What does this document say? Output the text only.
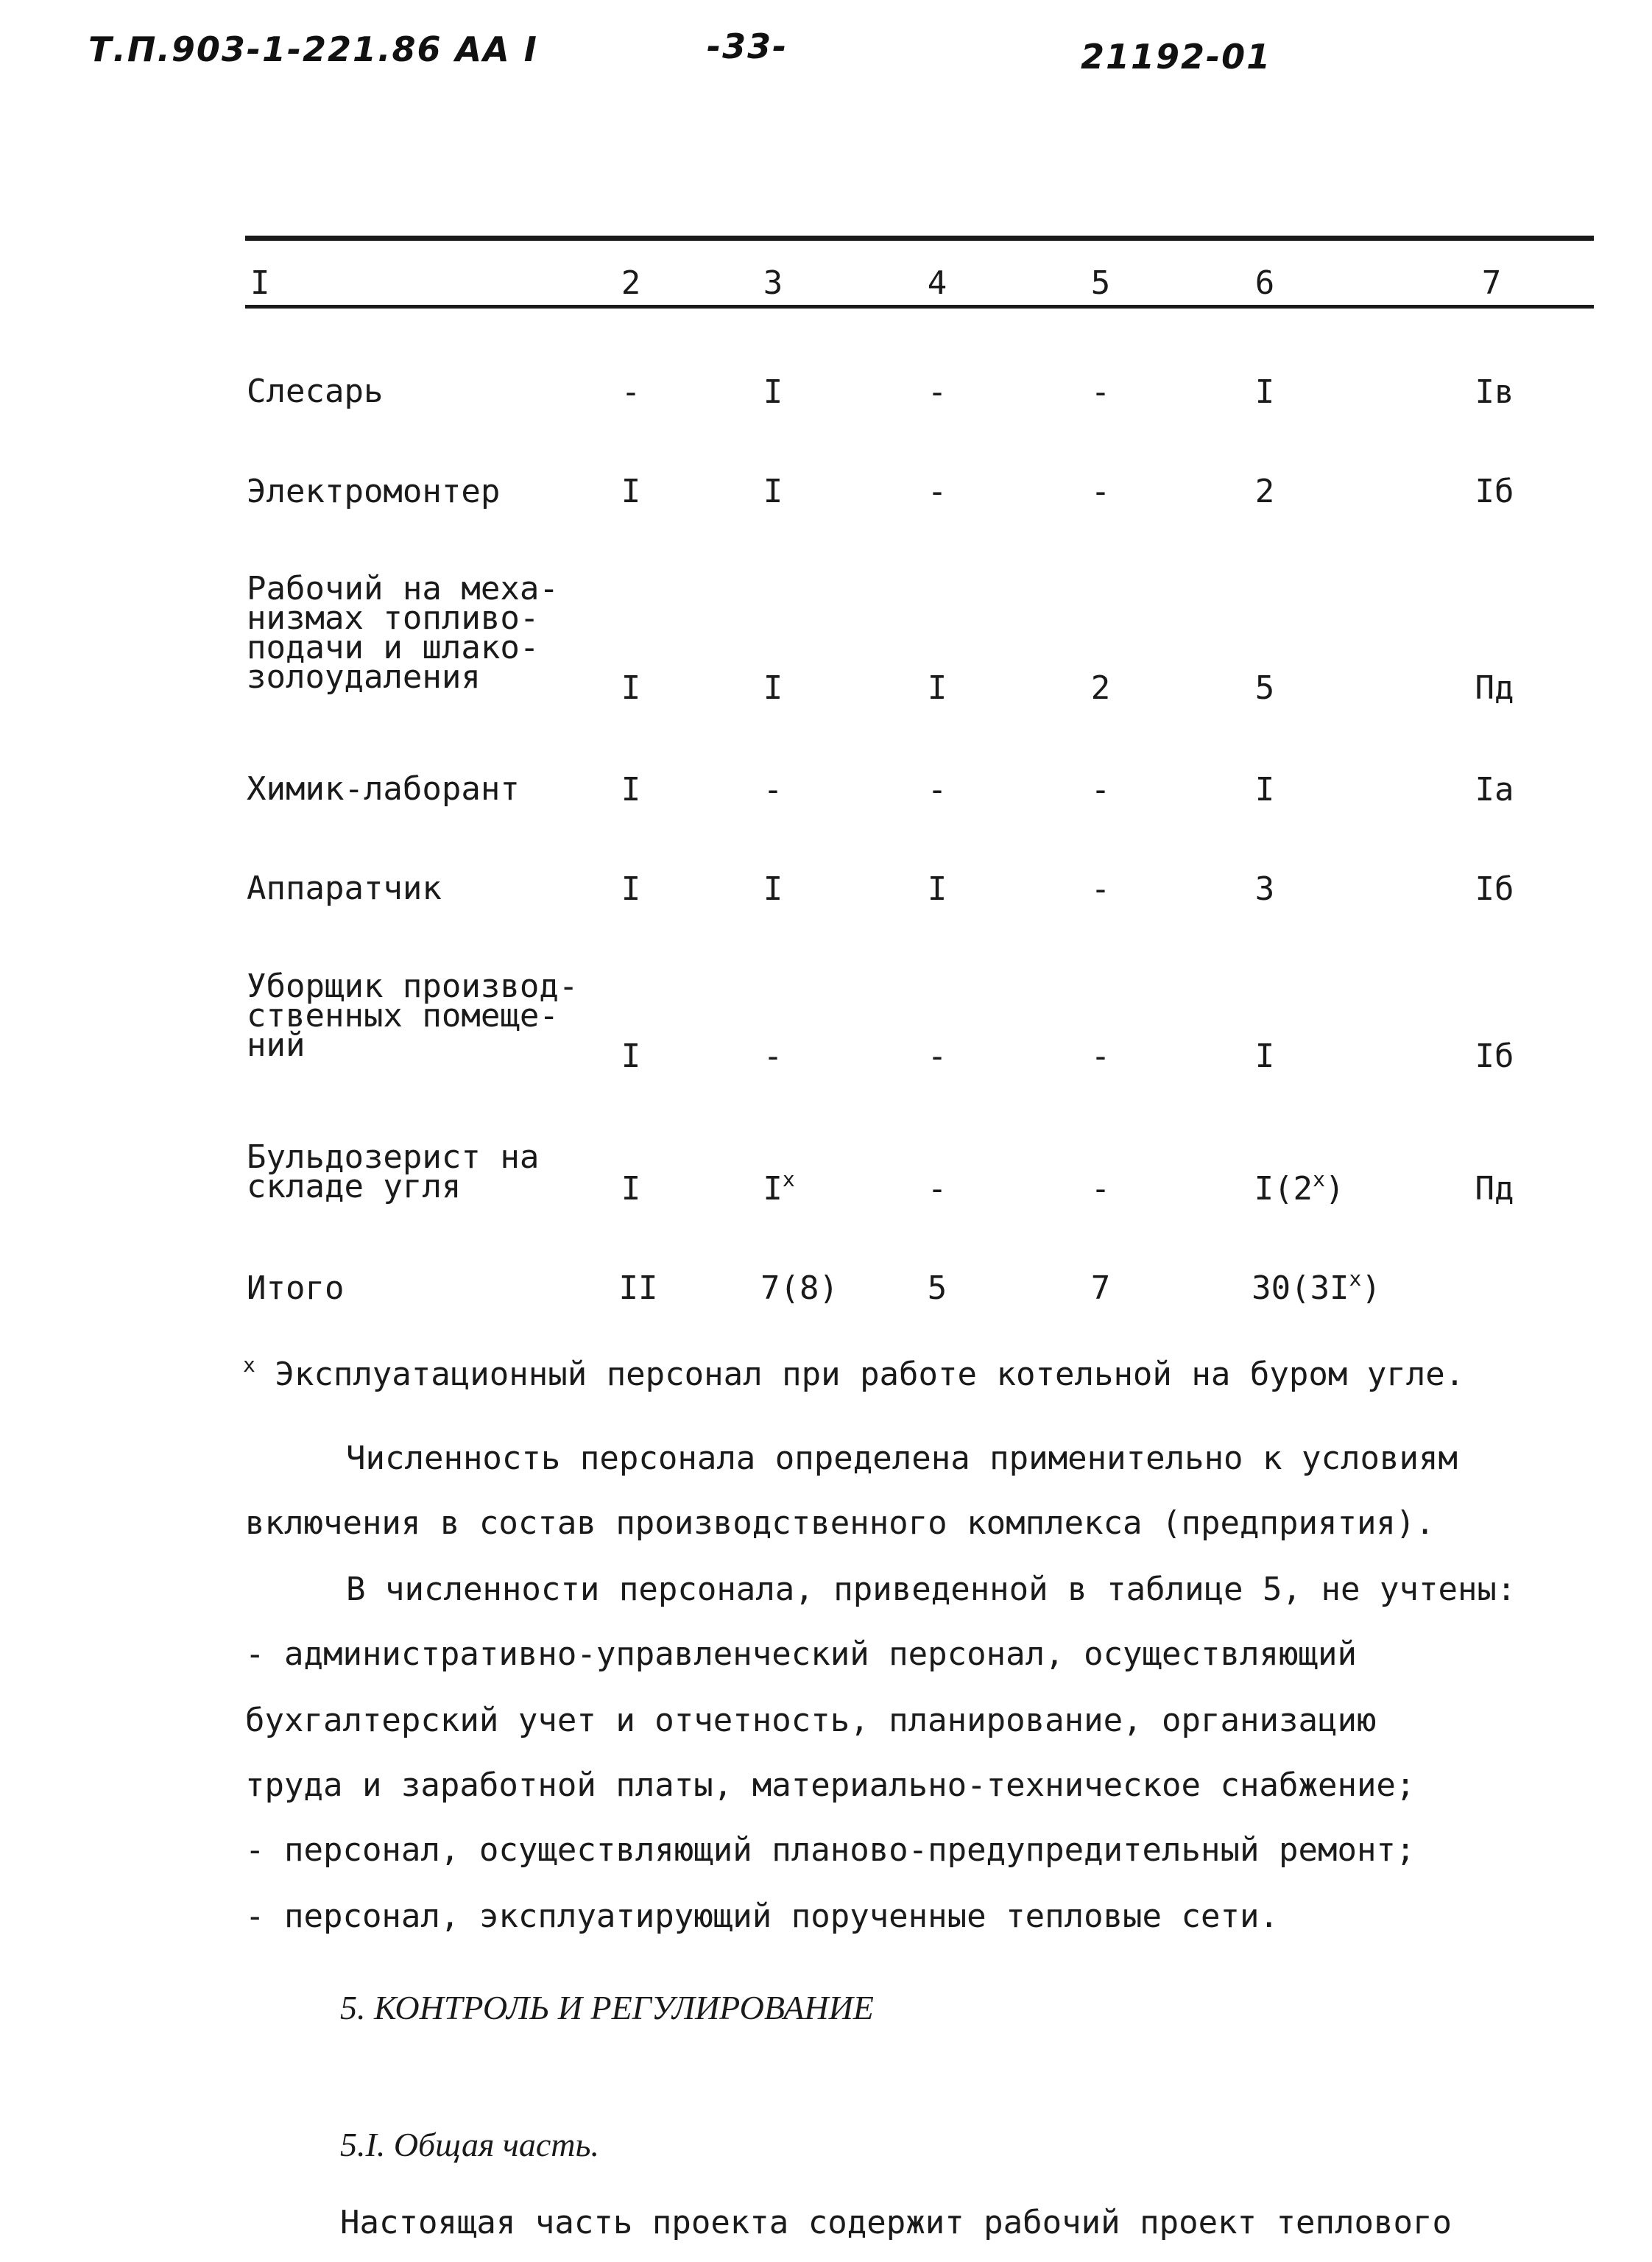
Т.П.903-1-221.86 АА I	-33-	21192-01
I	2	3	4	5	6	7
Слесарь	-	I	-	-	I	Iв
Электромонтер	I	I	-	-	2	Iб
Рабочий на меха-
низмах топливо-
подачи и шлако-
золоудаления	I	I	I	2	5	Пд
Химик-лаборант	I	-	-	-	I	Iа
Аппаратчик	I	I	I	-	3	Iб
Уборщик производ-
ственных помеще-
ний	I	-	-	-	I	Iб
Бульдозерист на
складе угля	I	$I^x$	-	-	I(2$^x$)	Пд
Итого	II	7(8)	5	7	$30(3I^x)$
$^x$ Эксплуатационный персонал при работе котельной на буром угле.
Численность персонала определена применительно к условиям
включения в состав производственного комплекса (предприятия).
В численности персонала, приведенной в таблице 5, не учтены:
- административно-управленческий персонал, осуществляющий
бухгалтерский учет и отчетность, планирование, организацию
труда и заработной платы, материально-техническое снабжение;
- персонал, осуществляющий планово-предупредительный ремонт;
- персонал, эксплуатирующий порученные тепловые сети.
5. КОНТРОЛЬ И РЕГУЛИРОВАНИЕ
5.I. Общая часть.
Настоящая часть проекта содержит рабочий проект теплового
